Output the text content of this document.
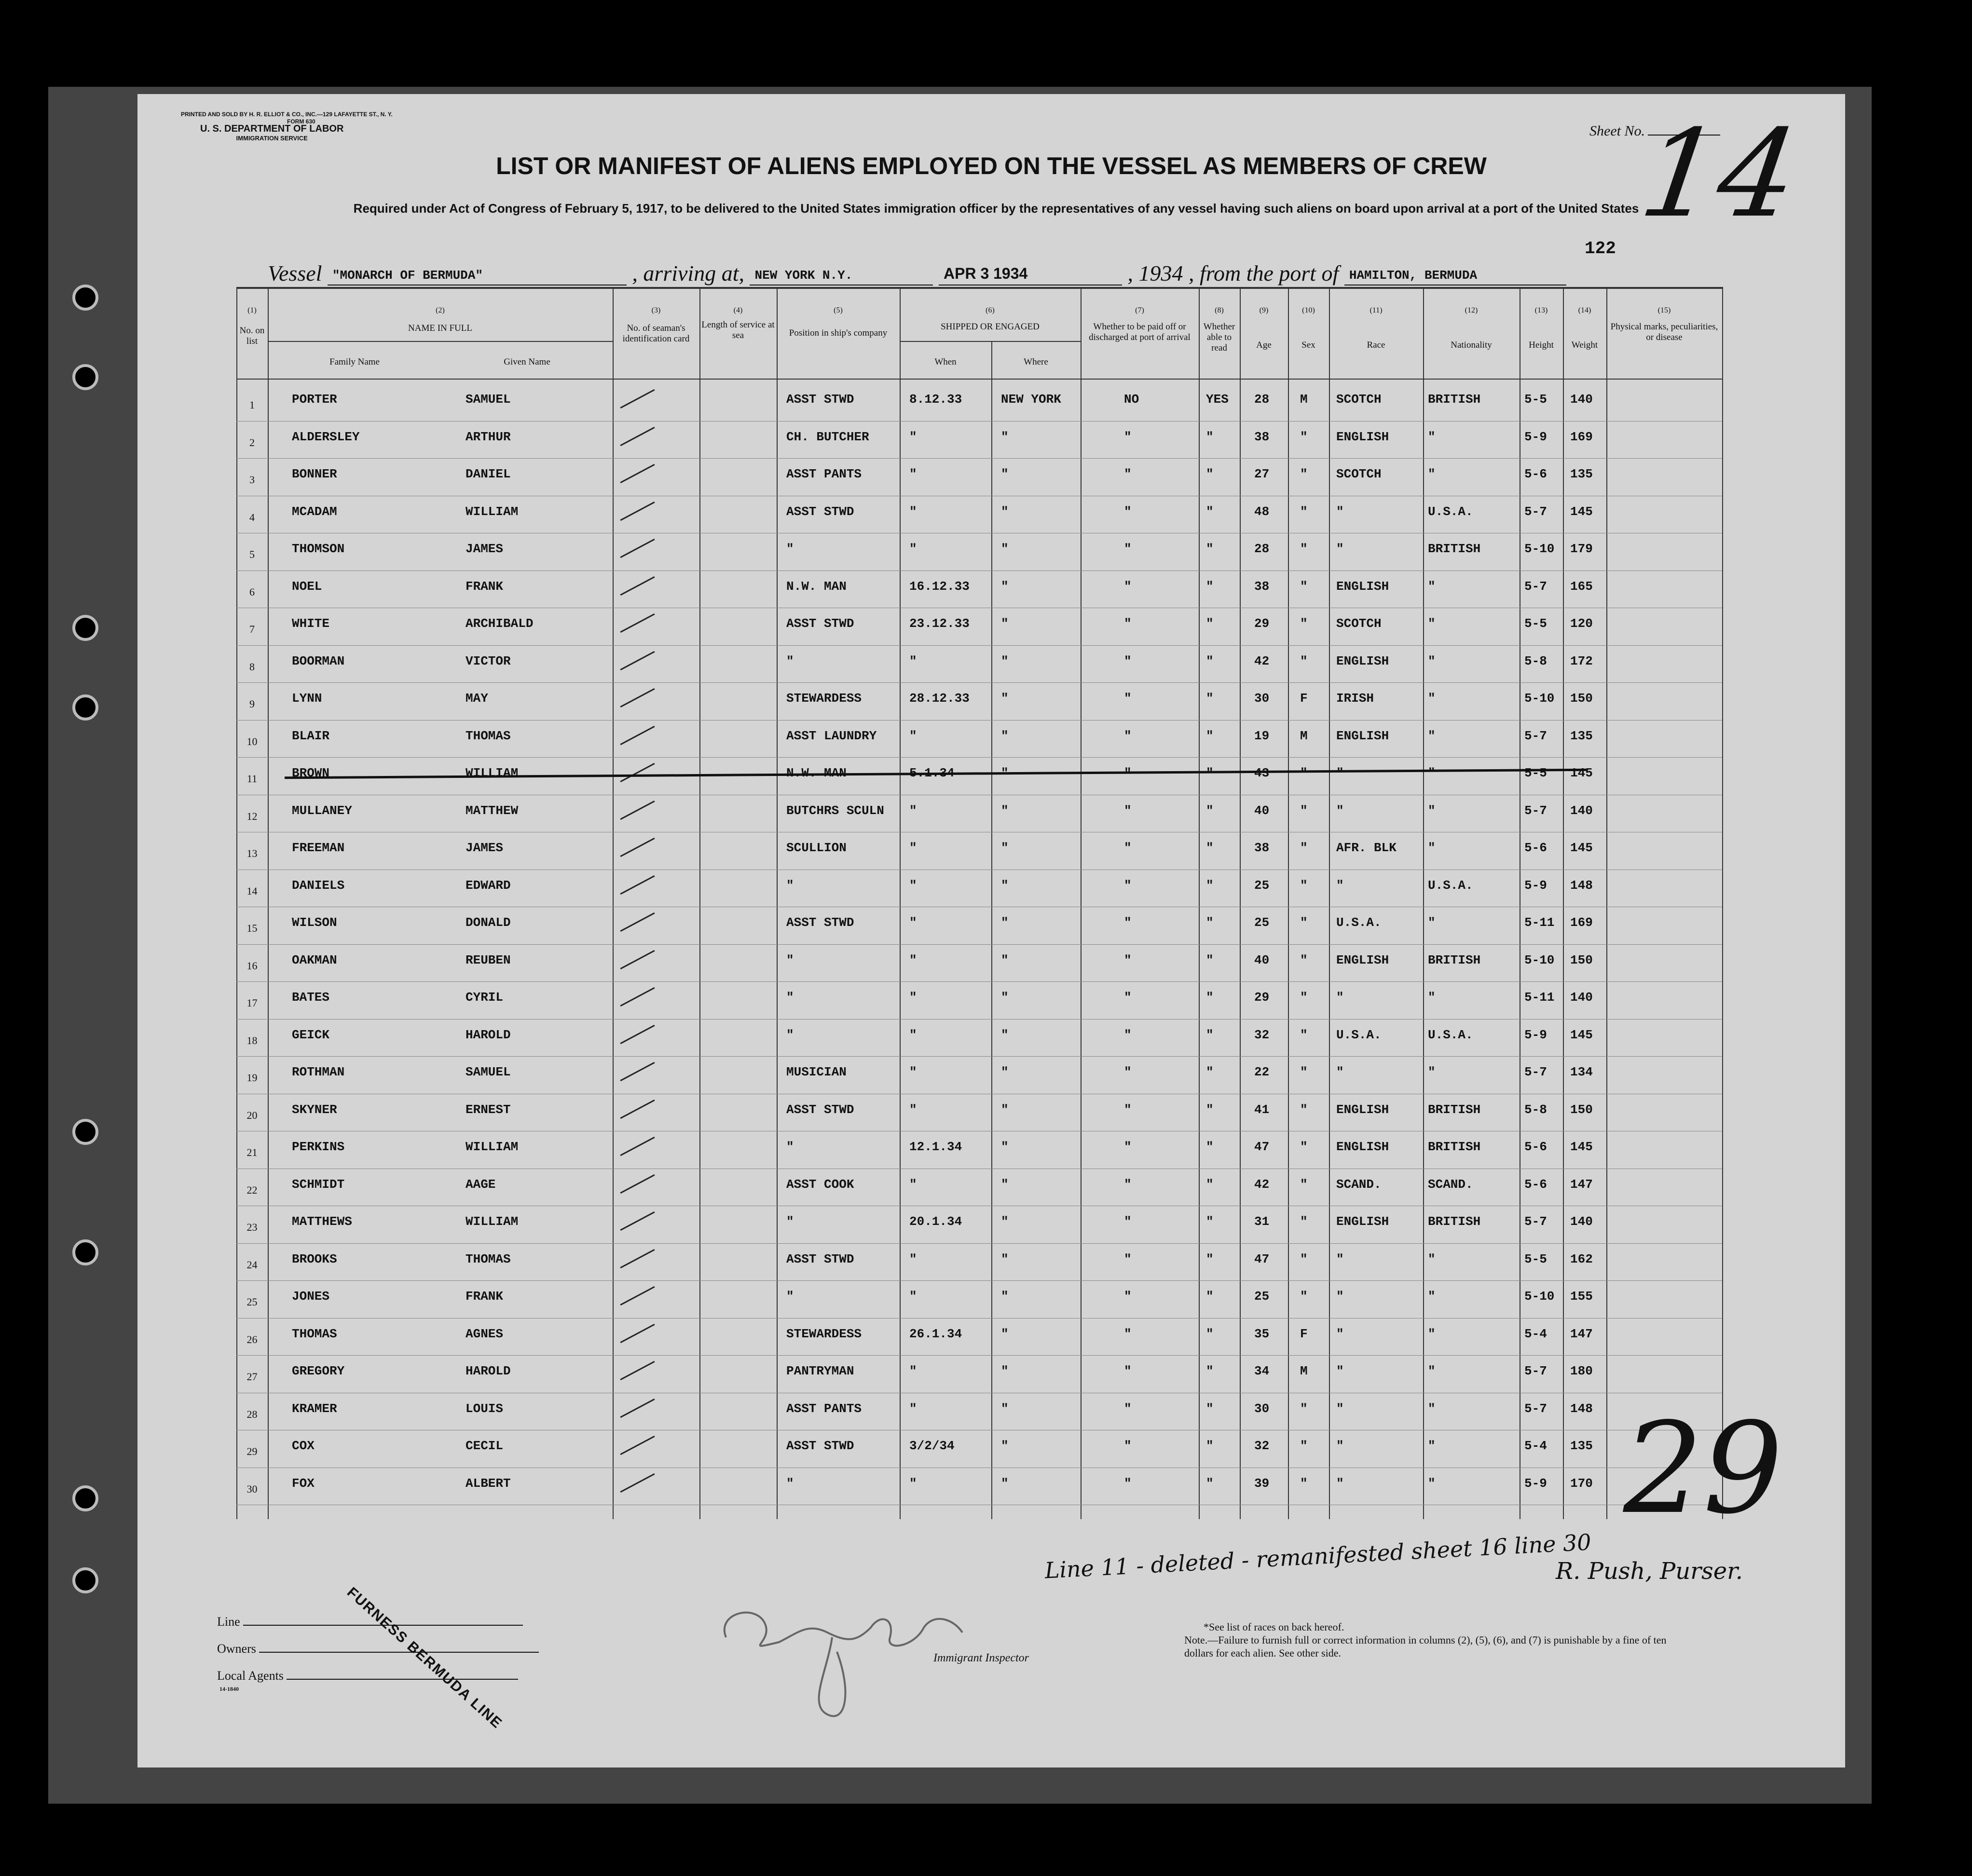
PRINTED AND SOLD BY H. R. ELLIOT & CO., INC.—129 LAFAYETTE ST., N. Y.
FORM 630
U. S. DEPARTMENT OF LABOR
IMMIGRATION SERVICE	Sheet No.
14
LIST OR MANIFEST OF ALIENS EMPLOYED ON THE VESSEL AS MEMBERS OF CREW
Required under Act of Congress of February 5, 1917, to be delivered to the United States immigration officer by the representatives of any vessel having such aliens on board upon arrival at a port of the United States
122
Vessel "MONARCH OF BERMUDA"	, arriving at, NEW YORK N.Y.	APR 3 1934	, 1934 , from the port of HAMILTON, BERMUDA
(1)	(2)	(3)	(4)	(5)	(6)	(7)	(8)	(9)	(10)	(11)	(12)	(13)	(14)	(15)
No. on list
NAME IN FULL
Family Name	Given Name
No. of seaman's identification card
Length of service at sea	Position in ship's company
SHIPPED OR ENGAGED
When	Where
Whether to be paid off or discharged at port of arrival
Whether able to read	Age	Sex	Race	Nationality	Height	Weight
Physical marks, peculiarities, or disease
1	PORTER	SAMUEL	ASST STWD	8.12.33	NEW YORK	NO	YES 28 M SCOTCH	BRITISH	5-5 140
2	ALDERSLEY	ARTHUR	CH. BUTCHER	"	"	"	"	38 " ENGLISH	"	5-9 169
3	BONNER	DANIEL	ASST PANTS	"	"	"	"	27 " SCOTCH	"	5-6 135
4	MCADAM	WILLIAM	ASST STWD	"	"	"	"	48 " "	U.S.A.	5-7 145
5	THOMSON	JAMES	"	"	"	"	"	28 " "	BRITISH	5-10 179
6	NOEL	FRANK	N.W. MAN	16.12.33	"	"	"	38 " ENGLISH	"	5-7 165
7	WHITE	ARCHIBALD	ASST STWD	23.12.33	"	"	"	29 " SCOTCH	"	5-5 120
8	BOORMAN	VICTOR	"	"	"	"	"	42 " ENGLISH	"	5-8 172
9	LYNN	MAY	STEWARDESS	28.12.33	"	"	"	30 F IRISH	"	5-10 150
10	BLAIR	THOMAS	ASST LAUNDRY	"	"	"	"	19 M ENGLISH	"	5-7 135
11	BROWN	WILLIAM	43 " "	"	5-5 145
12	MULLANEY	MATTHEW	BUTCHRS SCULN "	"	"	"	40 " "	"	5-7 140
13	FREEMAN	JAMES	SCULLION	"	"	"	"	38 " AFR. BLK	"	5-6 145
14	DANIELS	EDWARD	"	"	"	"	"	25 " "	U.S.A.	5-9 148
15	WILSON	DONALD	ASST STWD	"	"	"	"	25 " U.S.A.	"	5-11 169
16	OAKMAN	REUBEN	"	"	"	"	"	40 " ENGLISH	BRITISH	5-10 150
17	BATES	CYRIL	"	"	"	"	"	29 " "	"	5-11 140
18	GEICK	HAROLD	"	"	"	"	"	32 " U.S.A.	U.S.A.	5-9 145
19	ROTHMAN	SAMUEL	MUSICIAN	"	"	"	"	22 " "	"	5-7 134
20	SKYNER	ERNEST	ASST STWD	"	"	"	"	41 " ENGLISH	BRITISH	5-8 150
21	PERKINS	WILLIAM	"	12.1.34	"	"	"	47 " ENGLISH	BRITISH	5-6 145
22	SCHMIDT	AAGE	ASST COOK	"	"	"	"	42 " SCAND.	SCAND.	5-6 147
23	MATTHEWS	WILLIAM	"	20.1.34	"	"	"	31 " ENGLISH	BRITISH	5-7 140
24	BROOKS	THOMAS	ASST STWD	"	"	"	"	47 " "	"	5-5 162
25	JONES	FRANK	"	"	"	"	"	25 " "	"	5-10 155
26	THOMAS	AGNES	STEWARDESS	26.1.34	"	"	"	35 F "	"	5-4 147
27	GREGORY	HAROLD	PANTRYMAN	"	"	"	"	34 M "	"	5-7 180
28	KRAMER	LOUIS	ASST PANTS	"	"	"	"	30 " "	"	5-7 148
29	COX	CECIL	ASST STWD	3/2/34	"	"	"	32 " "	"	5-4 135
30	FOX	ALBERT	"	"	"	"	"	39 " "	"	5-9 170
Line 11 - deleted - remanifested sheet 16 line 30
R. Push, Purser.
29
Line
Owners
Local Agents
14-1840	FURNESS BERMUDA LINE	Immigrant Inspector
*See list of races on back hereof.
Note.—Failure to furnish full or correct information in columns (2), (5), (6), and (7) is punishable by a fine of ten dollars for each alien. See other side.
